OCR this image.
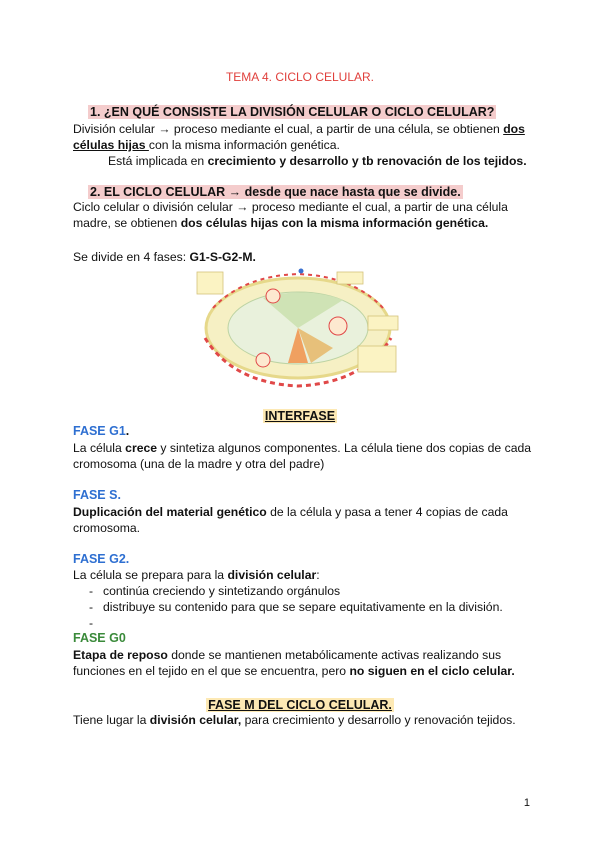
TEMA 4. CICLO CELULAR.
1. ¿EN QUÉ CONSISTE LA DIVISIÓN CELULAR O CICLO CELULAR?
División celular → proceso mediante el cual, a partir de una célula, se obtienen dos
células hijas con la misma información genética.
Está implicada en crecimiento y desarrollo y tb renovación de los tejidos.
2. EL CICLO CELULAR → desde que nace hasta que se divide.
Ciclo celular o división celular → proceso mediante el cual, a partir de una célula
madre, se obtienen dos células hijas con la misma información genética.
Se divide en 4 fases: G1-S-G2-M.
INTERFASE
FASE G1.
La célula crece y sintetiza algunos componentes. La célula tiene dos copias de cada
cromosoma (una de la madre y otra del padre)
FASE S.
Duplicación del material genético de la célula y pasa a tener 4 copias de cada
cromosoma.
FASE G2.
La célula se prepara para la división celular:
- continúa creciendo y sintetizando orgánulos
- distribuye su contenido para que se separe equitativamente en la división.
FASE G0
Etapa de reposo donde se mantienen metabólicamente activas realizando sus
funciones en el tejido en el que se encuentra, pero no siguen en el ciclo celular.
FASE M DEL CICLO CELULAR.
Tiene lugar la división celular, para crecimiento y desarrollo y renovación tejidos.
1
